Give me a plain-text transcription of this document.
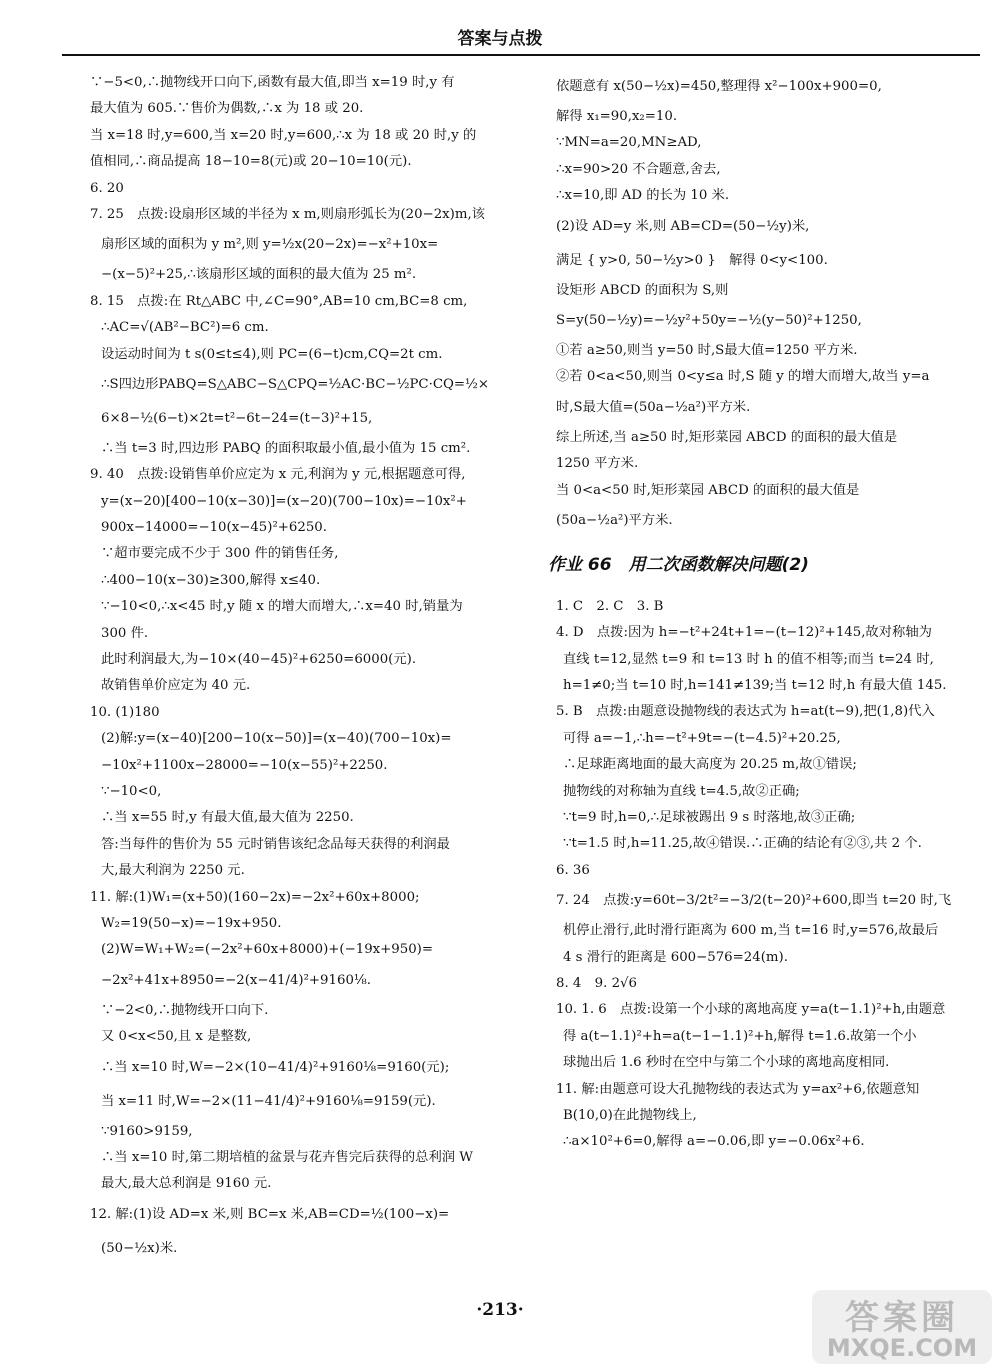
答案与点拨
∵−5<0,∴抛物线开口向下,函数有最大值,即当 x=19 时,y 有
最大值为 605.∵售价为偶数,∴x 为 18 或 20.
当 x=18 时,y=600,当 x=20 时,y=600,∴x 为 18 或 20 时,y 的
值相同,∴商品提高 18−10=8(元)或 20−10=10(元).
6. 20
7. 25　点拨:设扇形区域的半径为 x m,则扇形弧长为(20−2x)m,该
扇形区域的面积为 y m²,则 y=½x(20−2x)=−x²+10x=
−(x−5)²+25,∴该扇形区域的面积的最大值为 25 m².
8. 15　点拨:在 Rt△ABC 中,∠C=90°,AB=10 cm,BC=8 cm,
∴AC=√(AB²−BC²)=6 cm.
设运动时间为 t s(0≤t≤4),则 PC=(6−t)cm,CQ=2t cm.
∴S四边形PABQ=S△ABC−S△CPQ=½AC·BC−½PC·CQ=½×
6×8−½(6−t)×2t=t²−6t−24=(t−3)²+15,
∴当 t=3 时,四边形 PABQ 的面积取最小值,最小值为 15 cm².
9. 40　点拨:设销售单价应定为 x 元,利润为 y 元,根据题意可得,
y=(x−20)[400−10(x−30)]=(x−20)(700−10x)=−10x²+
900x−14000=−10(x−45)²+6250.
∵超市要完成不少于 300 件的销售任务,
∴400−10(x−30)≥300,解得 x≤40.
∵−10<0,∴x<45 时,y 随 x 的增大而增大,∴x=40 时,销量为
300 件.
此时利润最大,为−10×(40−45)²+6250=6000(元).
故销售单价应定为 40 元.
10. (1)180
(2)解:y=(x−40)[200−10(x−50)]=(x−40)(700−10x)=
−10x²+1100x−28000=−10(x−55)²+2250.
∵−10<0,
∴当 x=55 时,y 有最大值,最大值为 2250.
答:当每件的售价为 55 元时销售该纪念品每天获得的利润最
大,最大利润为 2250 元.
11. 解:(1)W₁=(x+50)(160−2x)=−2x²+60x+8000;
W₂=19(50−x)=−19x+950.
(2)W=W₁+W₂=(−2x²+60x+8000)+(−19x+950)=
−2x²+41x+8950=−2(x−41/4)²+9160⅛.
∵−2<0,∴抛物线开口向下.
又 0<x<50,且 x 是整数,
∴当 x=10 时,W=−2×(10−41/4)²+9160⅛=9160(元);
当 x=11 时,W=−2×(11−41/4)²+9160⅛=9159(元).
∵9160>9159,
∴当 x=10 时,第二期培植的盆景与花卉售完后获得的总利润 W
最大,最大总利润是 9160 元.
12. 解:(1)设 AD=x 米,则 BC=x 米,AB=CD=½(100−x)=
(50−½x)米.
依题意有 x(50−½x)=450,整理得 x²−100x+900=0,
解得 x₁=90,x₂=10.
∵MN=a=20,MN≥AD,
∴x=90>20 不合题意,舍去,
∴x=10,即 AD 的长为 10 米.
(2)设 AD=y 米,则 AB=CD=(50−½y)米,
满足 { y>0, 50−½y>0 }　解得 0<y<100.
设矩形 ABCD 的面积为 S,则
S=y(50−½y)=−½y²+50y=−½(y−50)²+1250,
①若 a≥50,则当 y=50 时,S最大值=1250 平方米.
②若 0<a<50,则当 0<y≤a 时,S 随 y 的增大而增大,故当 y=a
时,S最大值=(50a−½a²)平方米.
综上所述,当 a≥50 时,矩形菜园 ABCD 的面积的最大值是
1250 平方米.
当 0<a<50 时,矩形菜园 ABCD 的面积的最大值是
(50a−½a²)平方米.
作业 66　用二次函数解决问题(2)
1. C　2. C　3. B
4. D　点拨:因为 h=−t²+24t+1=−(t−12)²+145,故对称轴为
直线 t=12,显然 t=9 和 t=13 时 h 的值不相等;而当 t=24 时,
h=1≠0;当 t=10 时,h=141≠139;当 t=12 时,h 有最大值 145.
5. B　点拨:由题意设抛物线的表达式为 h=at(t−9),把(1,8)代入
可得 a=−1,∴h=−t²+9t=−(t−4.5)²+20.25,
∴足球距离地面的最大高度为 20.25 m,故①错误;
抛物线的对称轴为直线 t=4.5,故②正确;
∵t=9 时,h=0,∴足球被踢出 9 s 时落地,故③正确;
∵t=1.5 时,h=11.25,故④错误.∴正确的结论有②③,共 2 个.
6. 36
7. 24　点拨:y=60t−3/2t²=−3/2(t−20)²+600,即当 t=20 时,飞
机停止滑行,此时滑行距离为 600 m,当 t=16 时,y=576,故最后
4 s 滑行的距离是 600−576=24(m).
8. 4　9. 2√6
10. 1. 6　点拨:设第一个小球的离地高度 y=a(t−1.1)²+h,由题意
得 a(t−1.1)²+h=a(t−1−1.1)²+h,解得 t=1.6.故第一个小
球抛出后 1.6 秒时在空中与第二个小球的离地高度相同.
11. 解:由题意可设大孔抛物线的表达式为 y=ax²+6,依题意知
B(10,0)在此抛物线上,
∴a×10²+6=0,解得 a=−0.06,即 y=−0.06x²+6.
·213·	答案圈
MXQE.COM
